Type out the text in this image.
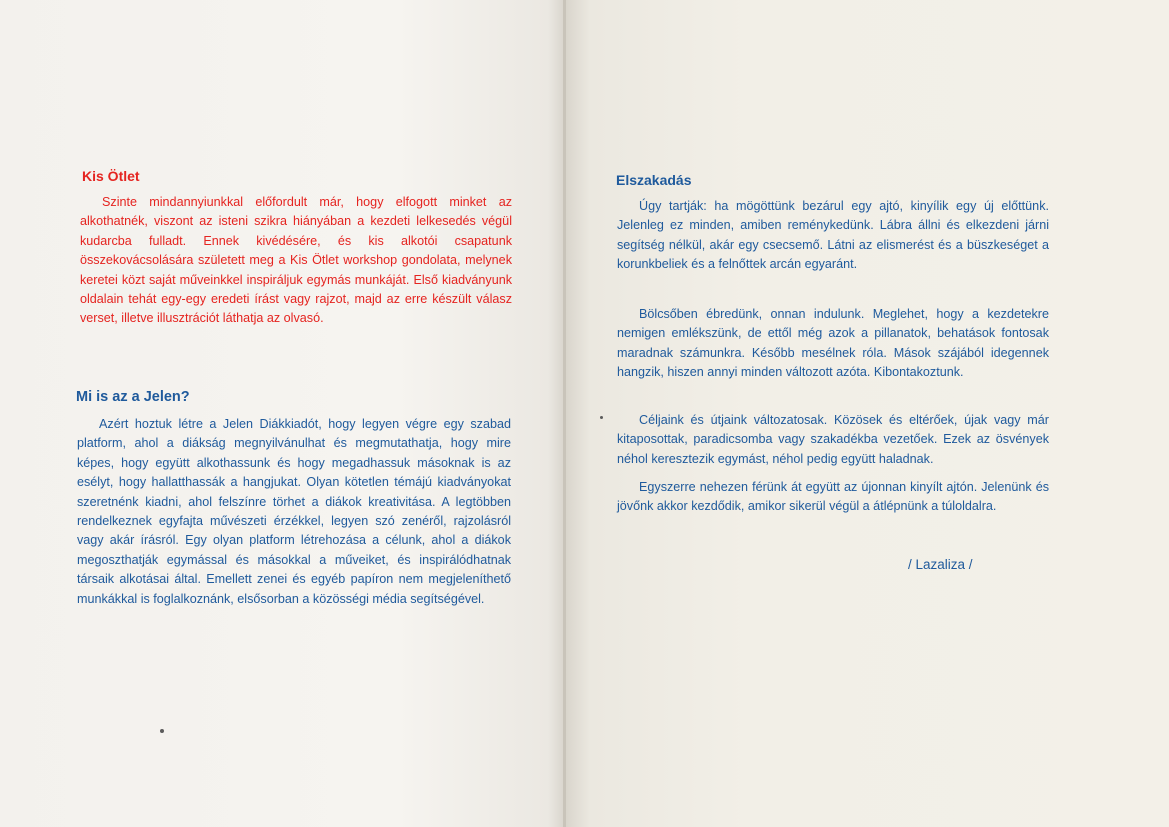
Kis Ötlet

Szinte mindannyiunkkal előfordult már, hogy elfogott minket az alkothatnék, viszont az isteni szikra hiányában a kezdeti lelkesedés végül kudarcba fulladt. Ennek kivédésére, és kis alkotói csapatunk összekovácsolására született meg a Kis Ötlet workshop gondolata, melynek keretei közt saját műveinkkel inspiráljuk egymás munkáját. Első kiadványunk oldalain tehát egy-egy eredeti írást vagy rajzot, majd az erre készült válasz verset, illetve illusztrációt láthatja az olvasó.

Mi is az a Jelen?

Azért hoztuk létre a Jelen Diákkiadót, hogy legyen végre egy szabad platform, ahol a diákság megnyilvánulhat és megmutathatja, hogy mire képes, hogy együtt alkothassunk és hogy megadhassuk másoknak is az esélyt, hogy hallatthassák a hangjukat. Olyan kötetlen témájú kiadványokat szeretnénk kiadni, ahol felszínre törhet a diákok kreativitása. A legtöbben rendelkeznek egyfajta művészeti érzékkel, legyen szó zenéről, rajzolásról vagy akár írásról. Egy olyan platform létrehozása a célunk, ahol a diákok megoszthatják egymással és másokkal a műveiket, és inspirálódhatnak társaik alkotásai által. Emellett zenei és egyéb papíron nem megjeleníthető munkákkal is foglalkoznánk, elsősorban a közösségi média segítségével.

Elszakadás

Úgy tartják: ha mögöttünk bezárul egy ajtó, kinyílik egy új előttünk. Jelenleg ez minden, amiben reménykedünk. Lábra állni és elkezdeni járni segítség nélkül, akár egy csecsemő. Látni az elismerést és a büszkeséget a korunkbeliek és a felnőttek arcán egyaránt.

Bölcsőben ébredünk, onnan indulunk. Meglehet, hogy a kezdetekre nemigen emlékszünk, de ettől még azok a pillanatok, behatások fontosak maradnak számunkra. Később mesélnek róla. Mások szájából idegennek hangzik, hiszen annyi minden változott azóta. Kibontakoztunk.

Céljaink és útjaink változatosak. Közösek és eltérőek, újak vagy már kitaposottak, paradicsomba vagy szakadékba vezetőek. Ezek az ösvények néhol keresztezik egymást, néhol pedig együtt haladnak.

Egyszerre nehezen férünk át együtt az újonnan kinyílt ajtón. Jelenünk és jövőnk akkor kezdődik, amikor sikerül végül a átlépnünk a túloldalra.

/ Lazaliza /
